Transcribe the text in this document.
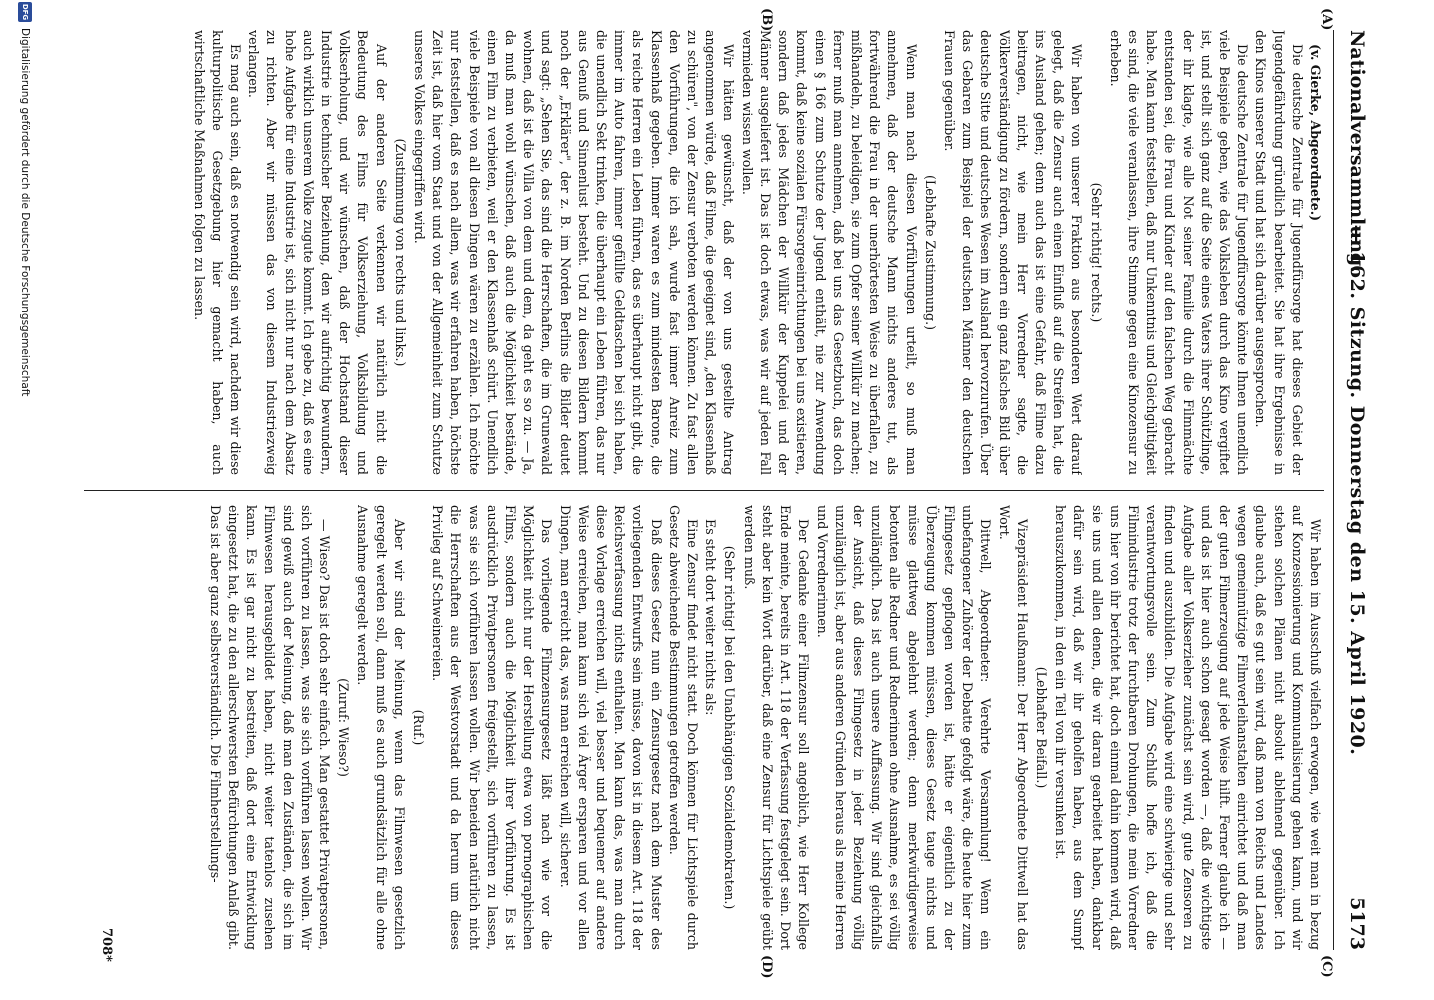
Nationalversammlung.
— 162. Sitzung. Donnerstag den 15. April 1920.
5173
(A)
(B)
(C)
(D)

(v. Gierke, Abgeordnete.)

Die deutsche Zentrale für Jugendfürsorge hat dieses Gebiet der Jugendgefährdung gründlich bearbeitet. Sie hat ihre Ergebnisse in den Kinos unserer Stadt und hat sich darüber ausgesprochen.

Die deutsche Zentrale für Jugendfürsorge könnte Ihnen unendlich viele Beispiele geben, wie das Volksleben durch das Kino vergiftet ist, und stellt sich ganz auf die Seite eines Vaters ihrer Schützlinge, der ihr klagte, wie alle Not seiner Familie durch die Filmmächte entstanden sei, die Frau und Kinder auf den falschen Weg gebracht habe. Man kann feststellen, daß nur Unkenntnis und Gleichgültigkeit es sind, die viele veranlassen, ihre Stimme gegen eine Kinozensur zu erheben.

(Sehr richtig! rechts.)

Wir haben von unserer Fraktion aus besonderen Wert darauf gelegt, daß die Zensur auch einen Einfluß auf die Streifen hat, die ins Ausland gehen; denn auch das ist eine Gefahr, daß Filme dazu beitragen, nicht, wie mein Herr Vorredner sagte, die Völkerverständigung zu fördern, sondern ein ganz falsches Bild über deutsche Sitte und deutsches Wesen im Ausland hervorzurufen. Über das Gebaren zum Beispiel der deutschen Männer den deutschen Frauen gegenüber.

(Lebhafte Zustimmung.)

Wenn man nach diesen Vorführungen urteilt, so muß man annehmen, daß der deutsche Mann nichts anderes tut, als fortwährend die Frau in der unerhörtesten Weise zu überfallen, zu mißhandeln, zu beleidigen, sie zum Opfer seiner Willkür zu machen; ferner muß man annehmen, daß bei uns das Gesetzbuch, das doch einen § 166 zum Schutze der Jugend enthält, nie zur Anwendung kommt, daß keine sozialen Fürsorgeeinrichtungen bei uns existieren, sondern daß jedes Mädchen der Willkür der Kuppelei und der Männer ausgeliefert ist. Das ist doch etwas, was wir auf jeden Fall vermieden wissen wollen.

Wir hätten gewünscht, daß der von uns gestellte Antrag angenommen würde, daß Filme, die geeignet sind, „den Klassenhaß zu schüren", von der Zensur verboten werden können. Zu fast allen den Vorführungen, die ich sah, wurde fast immer Anreiz zum Klassenhaß gegeben. Immer waren es zum mindesten Barone, die als reiche Herren ein Leben führen, das es überhaupt nicht gibt, die immer im Auto fahren, immer gefüllte Geldtaschen bei sich haben, die unendlich Sekt trinken, die überhaupt ein Leben führen, das nur aus Genuß und Sinnenlust besteht. Und zu diesen Bildern kommt noch der „Erklärer", der z. B. im Norden Berlins die Bilder deutet und sagt: „Sehen Sie, das sind die Herrschaften, die im Grunewald wohnen, daß ist die Villa von dem und dem, da geht es so zu. — Ja, da muß man wohl wünschen, daß auch die Möglichkeit bestände, einen Film zu verbieten, weil er den Klassenhaß schürt. Unendlich viele Beispiele von all diesen Dingen wären zu erzählen. Ich möchte nur feststellen, daß es nach allem, was wir erfahren haben, höchste Zeit ist, daß hier vom Staat und von der Allgemeinheit zum Schutze unseres Volkes eingegriffen wird.

(Zustimmung von rechts und links.)

Auf der anderen Seite verkennen wir natürlich nicht die Bedeutung des Films für Volkserziehung, Volksbildung und Volkserholung, und wir wünschen, daß der Hochstand dieser Industrie in technischer Beziehung, den wir aufrichtig bewundern, auch wirklich unserem Volke zugute kommt. Ich gebe zu, daß es eine hohe Aufgabe für eine Industrie ist, sich nicht nur nach dem Absatz zu richten. Aber wir müssen das von diesem Industriezweig verlangen.

Es mag auch sein, daß es notwendig sein wird, nachdem wir diese kulturpolitische Gesetzgebung hier gemacht haben, auch wirtschaftliche Maßnahmen folgen zu lassen.

Wir haben im Ausschuß vielfach erwogen, wie weit man in bezug auf Konzessionierung und Kommunalisierung gehen kann, und wir stehen solchen Plänen nicht absolut ablehnend gegenüber. Ich glaube auch, daß es gut sein wird, daß man von Reichs und Landes wegen gemeinnützige Filmverleihanstalten einrichtet und daß man der guten Filmerzeugung auf jede Weise hilft. Ferner glaube ich — und das ist hier auch schon gesagt worden —, daß die wichtigste Aufgabe aller Volkserzieher zunächst sein wird, gute Zensoren zu finden und auszubilden. Die Aufgabe wird eine schwierige und sehr verantwortungsvolle sein. Zum Schluß hoffe ich, daß die Filmindustrie trotz der furchtbaren Drohungen, die mein Vorredner uns hier von ihr berichtet hat, doch einmal dahin kommen wird, daß sie uns und allen denen, die wir daran gearbeitet haben, dankbar dafür sein wird, daß wir ihr geholfen haben, aus dem Sumpf herauszukommen, in den ein Teil von ihr versunken ist.

(Lebhafter Beifall.)

Vizepräsident Haußmann: Der Herr Abgeordnete Dittwell hat das Wort.

Dittwell, Abgeordneter: Verehrte Versammlung! Wenn ein unbefangener Zuhörer der Debatte gefolgt wäre, die heute hier zum Filmgesetz gepflogen worden ist, hätte er eigentlich zu der Überzeugung kommen müssen, dieses Gesetz tauge nichts und müsse glattweg abgelehnt werden; denn merkwürdigerweise betonten alle Redner und Rednerinnen ohne Ausnahme, es sei völlig unzulänglich. Das ist auch unsere Auffassung. Wir sind gleichfalls der Ansicht, daß dieses Filmgesetz in jeder Beziehung völlig unzulänglich ist, aber aus anderen Gründen heraus als meine Herren und Vorrednerinnen.

Der Gedanke einer Filmzensur soll angeblich, wie Herr Kollege Ende meinte, bereits in Art. 118 der Verfassung festgelegt sein. Dort steht aber kein Wort darüber, daß eine Zensur für Lichtspiele geübt werden muß.

(Sehr richtig! bei den Unabhängigen Sozialdemokraten.)

Es steht dort weiter nichts als:

Eine Zensur findet nicht statt. Doch können für Lichtspiele durch Gesetz abweichende Bestimmungen getroffen werden.

Daß dieses Gesetz nun ein Zensurgesetz nach dem Muster des vorliegenden Entwurfs sein müsse, davon ist in diesem Art. 118 der Reichsverfassung nichts enthalten. Man kann das, was man durch diese Vorlage erreichen will, viel besser und bequemer auf andere Weise erreichen, man kann sich viel Ärger ersparen und vor allen Dingen, man erreicht das, was man erreichen will, sicherer.

Das vorliegende Filmzensurgesetz läßt nach wie vor die Möglichkeit nicht nur der Herstellung etwa von pornographischen Films, sondern auch die Möglichkeit ihrer Vorführung. Es ist ausdrücklich Privatpersonen freigestellt, sich vorführen zu lassen, was sie sich vorführen lassen wollen. Wir beneiden natürlich nicht die Herrschaften aus der Westvorstadt und da herum um dieses Privileg auf Schweinereien.

(Ruf.)

Aber wir sind der Meinung, wenn das Filmwesen gesetzlich geregelt werden soll, dann muß es auch grundsätzlich für alle ohne Ausnahme geregelt werden.

(Zuruf: Wieso?)

— Wieso? Das ist doch sehr einfach. Man gestattet Privatpersonen, sich vorführen zu lassen, was sie sich vorführen lassen wollen. Wir sind gewiß auch der Meinung, daß man den Zuständen, die sich im Filmwesen herausgebildet haben, nicht weiter tatenlos zusehen kann. Es ist gar nicht zu bestreiten, daß dort eine Entwicklung eingesetzt hat, die zu den allerschwersten Befürchtungen Anlaß gibt. Das ist aber ganz selbstverständlich. Die Filmherstellungs-

708*
DFG
Digitalisierung gefördert durch die Deutsche Forschungsgemeinschaft
